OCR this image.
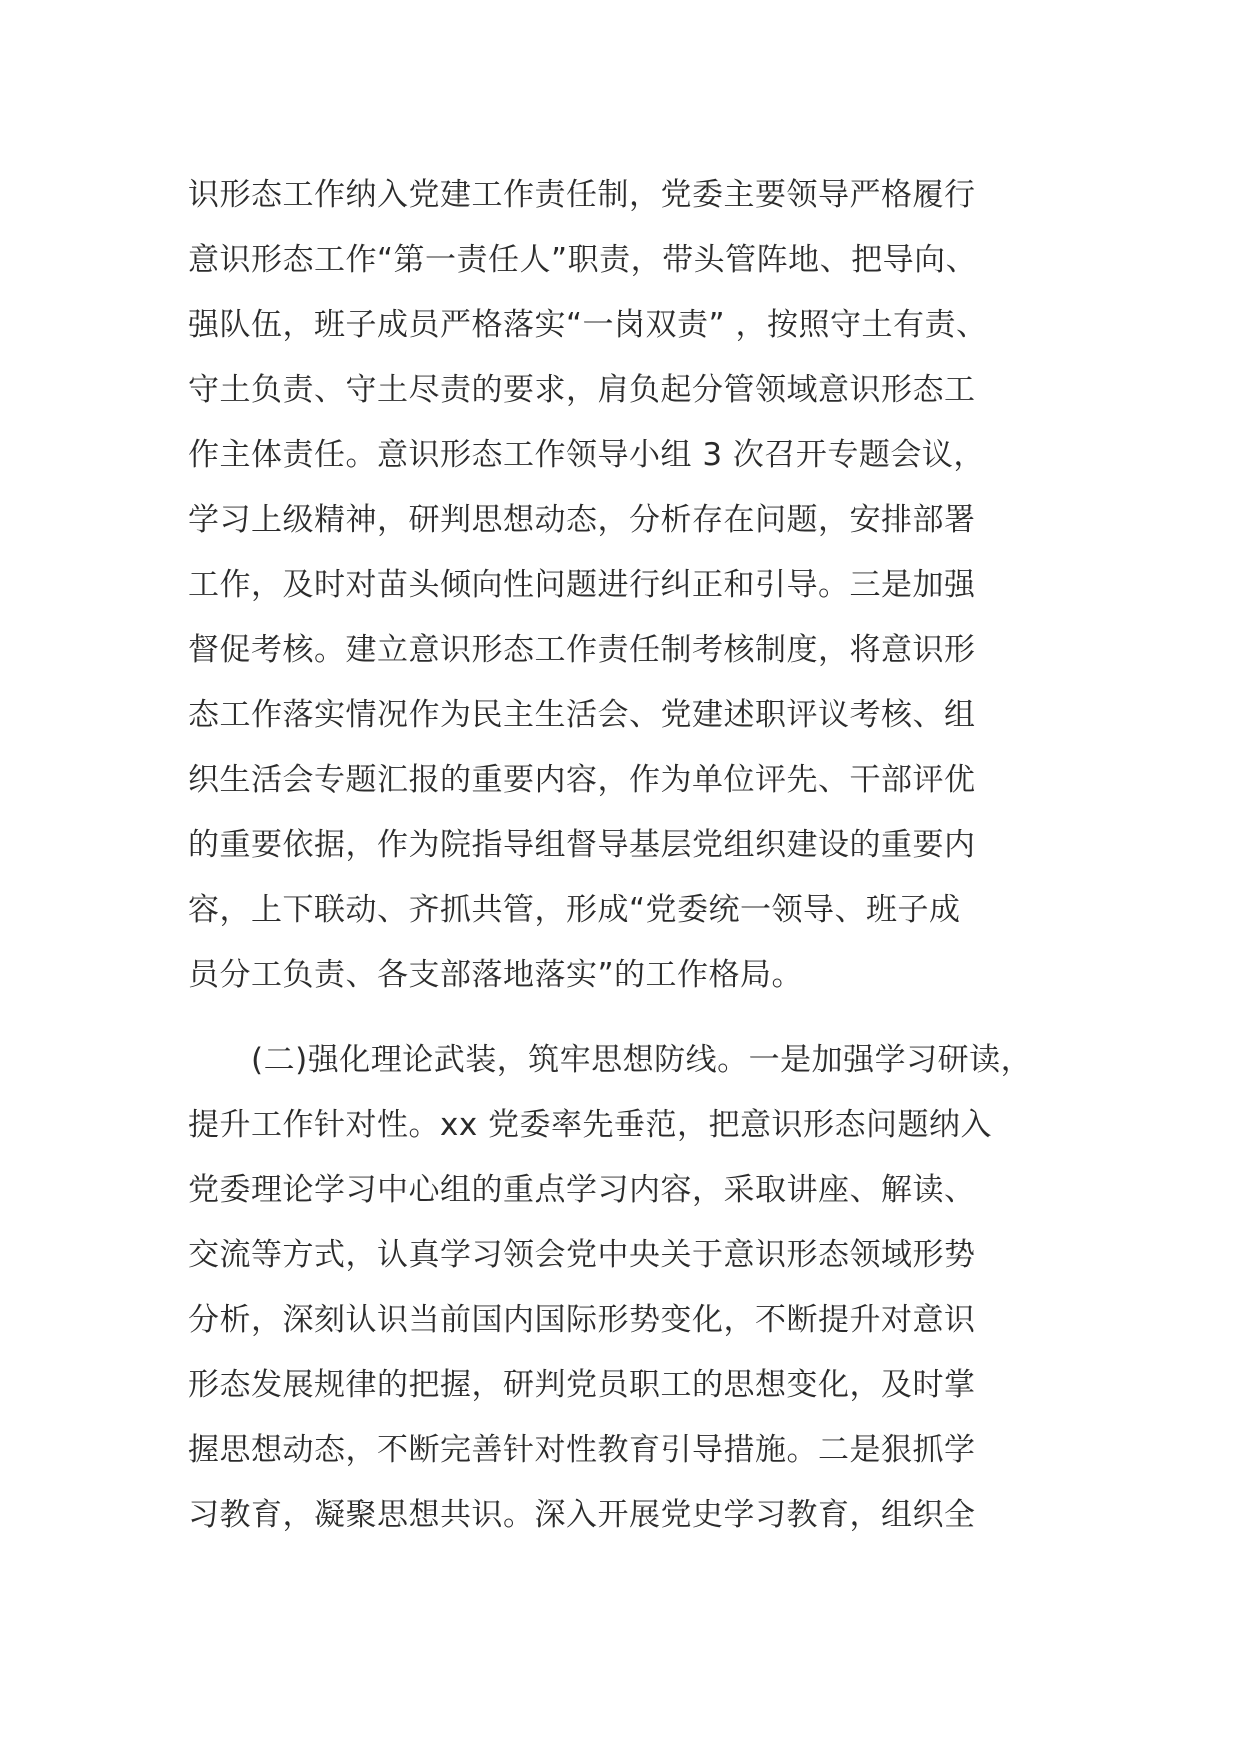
识形态工作纳入党建工作责任制，党委主要领导严格履行
意识形态工作“第一责任人”职责，带头管阵地、把导向、
强队伍，班子成员严格落实“一岗双责” ，按照守土有责、
守土负责、守土尽责的要求，肩负起分管领域意识形态工
作主体责任。意识形态工作领导小组 3 次召开专题会议，
学习上级精神，研判思想动态，分析存在问题，安排部署
工作，及时对苗头倾向性问题进行纠正和引导。三是加强
督促考核。建立意识形态工作责任制考核制度，将意识形
态工作落实情况作为民主生活会、党建述职评议考核、组
织生活会专题汇报的重要内容，作为单位评先、干部评优
的重要依据，作为院指导组督导基层党组织建设的重要内
容，上下联动、齐抓共管，形成“党委统一领导、班子成
员分工负责、各支部落地落实”的工作格局。
　　(二)强化理论武装，筑牢思想防线。一是加强学习研读，
提升工作针对性。xx 党委率先垂范，把意识形态问题纳入
党委理论学习中心组的重点学习内容，采取讲座、解读、
交流等方式，认真学习领会党中央关于意识形态领域形势
分析，深刻认识当前国内国际形势变化，不断提升对意识
形态发展规律的把握，研判党员职工的思想变化，及时掌
握思想动态，不断完善针对性教育引导措施。二是狠抓学
习教育，凝聚思想共识。深入开展党史学习教育，组织全
